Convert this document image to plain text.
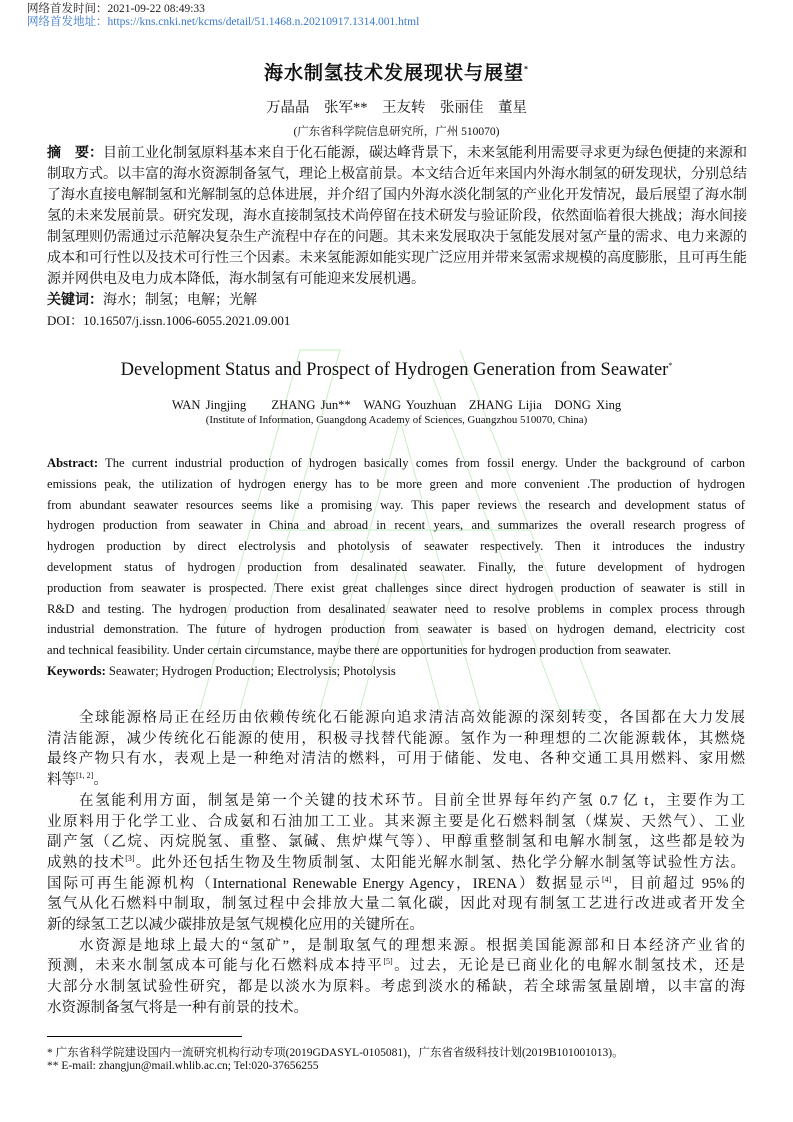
网络首发时间：2021-09-22 08:49:33
网络首发地址：https://kns.cnki.net/kcms/detail/51.1468.n.20210917.1314.001.html
海水制氢技术发展现状与展望*
万晶晶　张军**　王友转　张丽佳　董星
(广东省科学院信息研究所，广州 510070)
摘　要：目前工业化制氢原料基本来自于化石能源，碳达峰背景下，未来氢能利用需要寻求更为绿色便捷的来源和
制取方式。以丰富的海水资源制备氢气，理论上极富前景。本文结合近年来国内外海水制氢的研发现状，分别总结
了海水直接电解制氢和光解制氢的总体进展，并介绍了国内外海水淡化制氢的产业化开发情况，最后展望了海水制
氢的未来发展前景。研究发现，海水直接制氢技术尚停留在技术研发与验证阶段，依然面临着很大挑战；海水间接
制氢理则仍需通过示范解决复杂生产流程中存在的问题。其未来发展取决于氢能发展对氢产量的需求、电力来源的
成本和可行性以及技术可行性三个因素。未来氢能源如能实现广泛应用并带来氢需求规模的高度膨胀，且可再生能
源并网供电及电力成本降低，海水制氢有可能迎来发展机遇。
关键词：海水；制氢；电解；光解
DOI：10.16507/j.issn.1006-6055.2021.09.001
Development Status and Prospect of Hydrogen Generation from Seawater*
WAN Jingjing　　ZHANG Jun**　WANG Youzhuan　ZHANG Lijia　DONG Xing
(Institute of Information, Guangdong Academy of Sciences, Guangzhou 510070, China)
Abstract: The current industrial production of hydrogen basically comes from fossil energy. Under the background of carbon
emissions peak, the utilization of hydrogen energy has to be more green and more convenient .The production of hydrogen
from abundant seawater resources seems like a promising way. This paper reviews the research and development status of
hydrogen production from seawater in China and abroad in recent years, and summarizes the overall research progress of
hydrogen production by direct electrolysis and photolysis of seawater respectively. Then it introduces the industry
development status of hydrogen production from desalinated seawater. Finally, the future development of hydrogen
production from seawater is prospected. There exist great challenges since direct hydrogen production of seawater is still in
R&D and testing. The hydrogen production from desalinated seawater need to resolve problems in complex process through
industrial demonstration. The future of hydrogen production from seawater is based on hydrogen demand, electricity cost
and technical feasibility. Under certain circumstance, maybe there are opportunities for hydrogen production from seawater.
Keywords: Seawater; Hydrogen Production; Electrolysis; Photolysis
全球能源格局正在经历由依赖传统化石能源向追求清洁高效能源的深刻转变，各国都在大力发展
清洁能源，减少传统化石能源的使用，积极寻找替代能源。氢作为一种理想的二次能源载体，其燃烧
最终产物只有水，表观上是一种绝对清洁的燃料，可用于储能、发电、各种交通工具用燃料、家用燃
料等[1, 2]。
在氢能利用方面，制氢是第一个关键的技术环节。目前全世界每年约产氢 0.7 亿 t，主要作为工
业原料用于化学工业、合成氨和石油加工工业。其来源主要是化石燃料制氢（煤炭、天然气）、工业
副产氢（乙烷、丙烷脱氢、重整、氯碱、焦炉煤气等）、甲醇重整制氢和电解水制氢，这些都是较为
成熟的技术[3]。此外还包括生物及生物质制氢、太阳能光解水制氢、热化学分解水制氢等试验性方法。
国际可再生能源机构（International Renewable Energy Agency，IRENA）数据显示[4]，目前超过 95%的
氢气从化石燃料中制取，制氢过程中会排放大量二氧化碳，因此对现有制氢工艺进行改进或者开发全
新的绿氢工艺以减少碳排放是氢气规模化应用的关键所在。
水资源是地球上最大的“氢矿”，是制取氢气的理想来源。根据美国能源部和日本经济产业省的
预测，未来水制氢成本可能与化石燃料成本持平[5]。过去，无论是已商业化的电解水制氢技术，还是
大部分水制氢试验性研究，都是以淡水为原料。考虑到淡水的稀缺，若全球需氢量剧增，以丰富的海
水资源制备氢气将是一种有前景的技术。
* 广东省科学院建设国内一流研究机构行动专项(2019GDASYL-0105081)，广东省省级科技计划(2019B101001013)。
** E-mail: zhangjun@mail.whlib.ac.cn; Tel:020-37656255
